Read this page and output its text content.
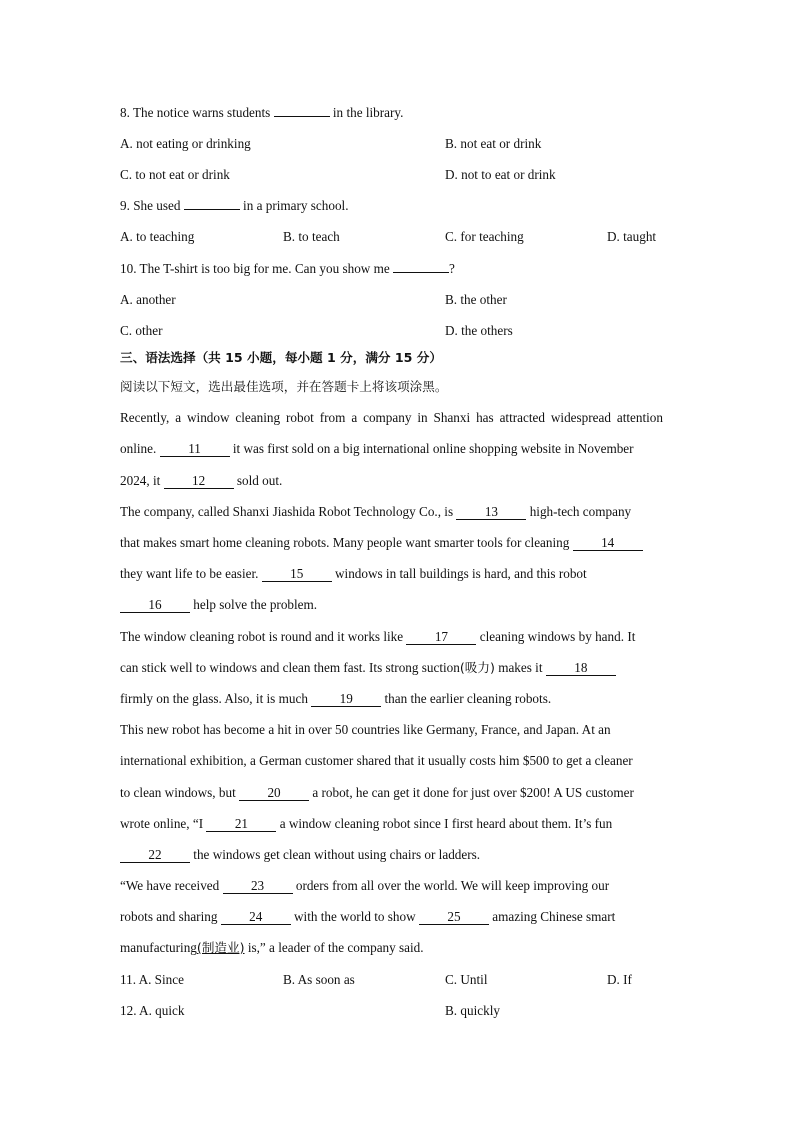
8. The notice warns students	in the library.
A. not eating or drinking	B. not eat or drink
C. to not eat or drink	D. not to eat or drink
9. She used	in a primary school.
A. to teaching	B. to teach	C. for teaching	D. taught
10. The T-shirt is too big for me. Can you show me	?
A. another	B. the other
C. other	D. the others
三、语法选择（共 15 小题，每小题 1 分，满分 15 分）
阅读以下短文，选出最佳选项，并在答题卡上将该项涂黑。
Recently, a window cleaning robot from a company in Shanxi has attracted widespread attention
online. 11 it was first sold on a big international online shopping website in November
2024, it 12 sold out.
The company, called Shanxi Jiashida Robot Technology Co., is 13 high-tech company
that makes smart home cleaning robots. Many people want smarter tools for cleaning 14
they want life to be easier. 15 windows in tall buildings is hard, and this robot
16 help solve the problem.
The window cleaning robot is round and it works like 17 cleaning windows by hand. It
can stick well to windows and clean them fast. Its strong suction(吸力) makes it 18
firmly on the glass. Also, it is much 19 than the earlier cleaning robots.
This new robot has become a hit in over 50 countries like Germany, France, and Japan. At an
international exhibition, a German customer shared that it usually costs him $500 to get a cleaner
to clean windows, but 20 a robot, he can get it done for just over $200! A US customer
wrote online, “I 21 a window cleaning robot since I first heard about them. It’s fun
22 the windows get clean without using chairs or ladders.
“We have received 23 orders from all over the world. We will keep improving our
robots and sharing 24 with the world to show 25 amazing Chinese smart
manufacturing(制造业) is,” a leader of the company said.
11. A. Since	B. As soon as	C. Until	D. If
12. A. quick	B. quickly
